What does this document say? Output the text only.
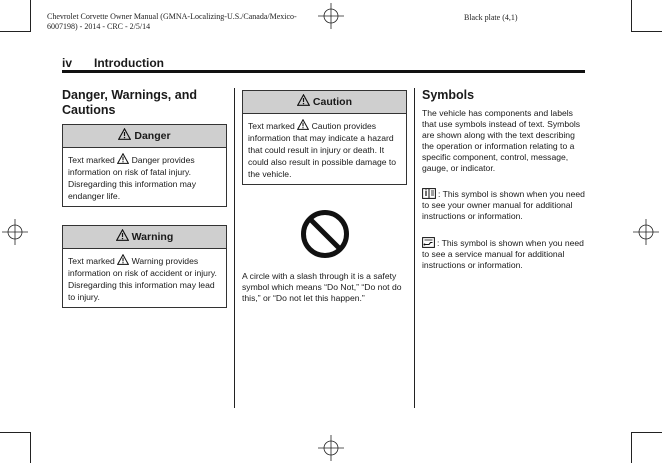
Chevrolet Corvette Owner Manual (GMNA-Localizing-U.S./Canada/Mexico-
6007198) - 2014 - CRC - 2/5/14
Black plate (4,1)
iv Introduction
Danger, Warnings, and
Cautions
Danger
Text marked Danger provides information on risk of fatal injury. Disregarding this information may endanger life.
Warning
Text marked Warning provides information on risk of accident or injury. Disregarding this information may lead to injury.
Caution
Text marked Caution provides information that may indicate a hazard that could result in injury or death. It could also result in possible damage to the vehicle.
A circle with a slash through it is a safety symbol which means “Do Not,” “Do not do this,” or “Do not let this happen.”
Symbols
The vehicle has components and labels that use symbols instead of text. Symbols are shown along with the text describing the operation or information relating to a specific component, control, message, gauge, or indicator.
: This symbol is shown when you need to see your owner manual for additional instructions or information.
: This symbol is shown when you need to see a service manual for additional instructions or information.
